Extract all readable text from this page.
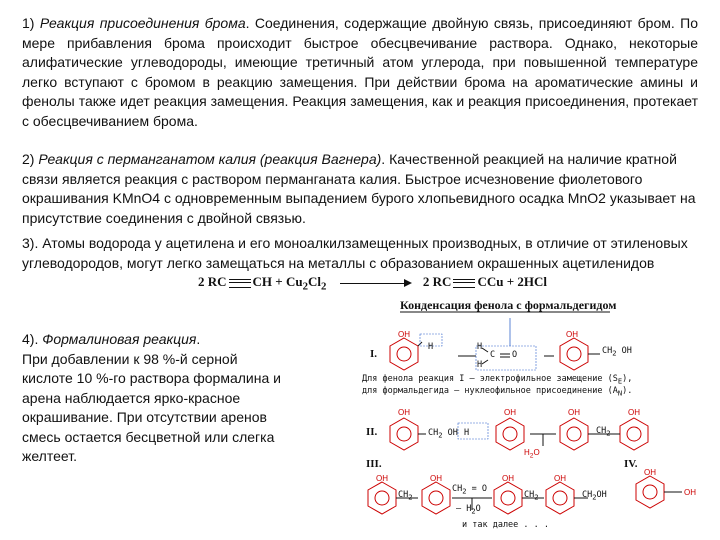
1) Реакция присоединения брома. Соединения, содержащие двойную связь, присоединяют бром. По мере прибавления брома происходит быстрое обесцвечивание раствора. Однако, некоторые алифатические углеводороды, имеющие третичный атом углерода, при повышенной температуре легко вступают с бромом в реакцию замещения. При действии брома на ароматические амины и фенолы также идет реакция замещения. Реакция замещения, как и реакция присоединения, протекает с обесцвечиванием брома.
2) Реакция с перманганатом калия (реакция Вагнера). Качественной реакцией на наличие кратной связи является реакция с раствором перманганата калия. Быстрое исчезновение фиолетового окрашивания KMnO4 с одновременным выпадением бурого хлопьевидного осадка MnO2 указывает на присутствие соединения с двойной связью.
3). Атомы водорода у ацетилена и его моноалкилзамещенных производных, в отличие от этиленовых углеводородов, могут легко замещаться на металлы с образованием окрашенных ацетиленидов
2 RC CH + $Cu_2Cl_2$	2 RC CCu + 2HCl
4). Формалиновая реакция.
При добавлении к 98 %-й серной кислоте 10 %-го раствора формалина и арена наблюдается ярко-красное окрашивание. При отсутствии аренов смесь остается бесцветной или слегка желтеет.
Конденсация фенола с формальдегидом
I.
II.
III.	IV.
OH	OH
H	H
H
C O	$CH_2$ OH
Для фенола реакция I – электрофильное замещение $(S_E)$,
для формальдегида – нуклеофильное присоединение $(A_N)$.
OH
$CH_2$ OH H
OH
$H_2O$
OH	OH
$CH_2$
OH
$CH_2$
OH
$CH_2 = O$
– $H_2O$
OH
$CH_2$
OH
$CH_2OH$
OH
OH
и так далее . . .
